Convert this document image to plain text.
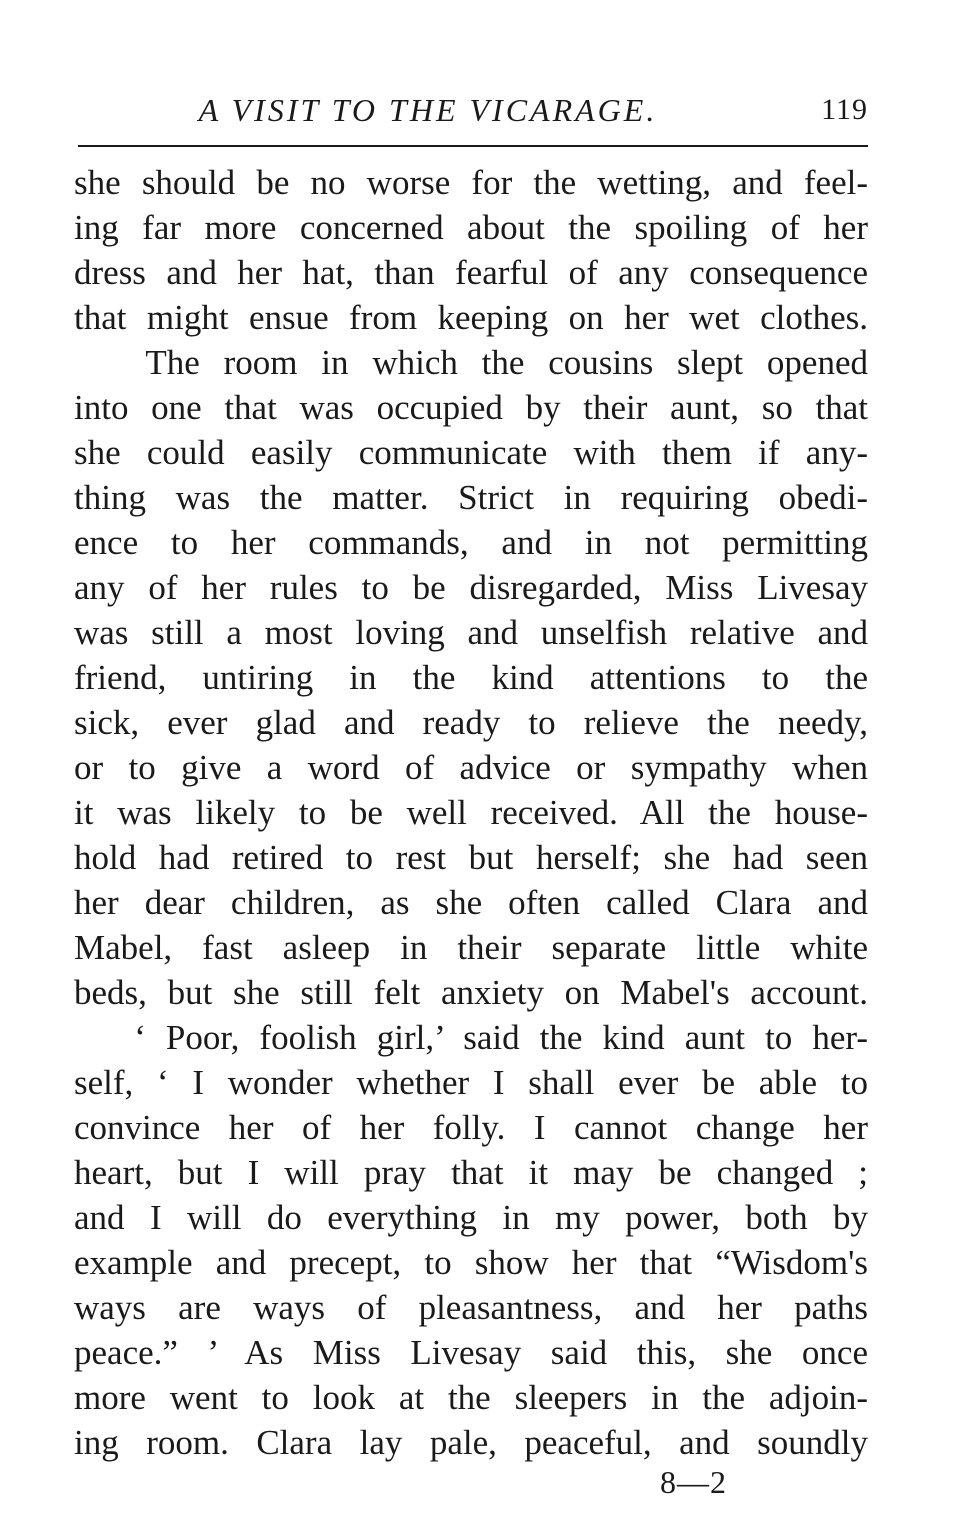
A VISIT TO THE VICARAGE.	119
she should be no worse for the wetting, and feel-
ing far more concerned about the spoiling of her
dress and her hat, than fearful of any consequence
that might ensue from keeping on her wet clothes.
The room in which the cousins slept opened
into one that was occupied by their aunt, so that
she could easily communicate with them if any-
thing was the matter. Strict in requiring obedi-
ence to her commands, and in not permitting
any of her rules to be disregarded, Miss Livesay
was still a most loving and unselfish relative and
friend, untiring in the kind attentions to the
sick, ever glad and ready to relieve the needy,
or to give a word of advice or sympathy when
it was likely to be well received. All the house-
hold had retired to rest but herself; she had seen
her dear children, as she often called Clara and
Mabel, fast asleep in their separate little white
beds, but she still felt anxiety on Mabel's account.
‘ Poor, foolish girl,’ said the kind aunt to her-
self, ‘ I wonder whether I shall ever be able to
convince her of her folly. I cannot change her
heart, but I will pray that it may be changed ;
and I will do everything in my power, both by
example and precept, to show her that “Wisdom's
ways are ways of pleasantness, and her paths
peace.” ’ As Miss Livesay said this, she once
more went to look at the sleepers in the adjoin-
ing room. Clara lay pale, peaceful, and soundly
8—2
